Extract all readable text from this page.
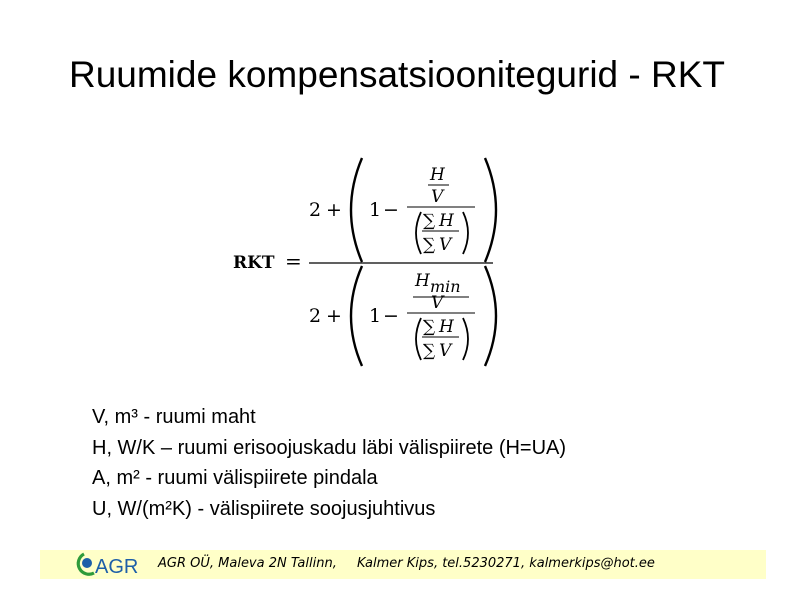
Ruumide kompensatsioonitegurid - RKT
RKT =
2 + 1 −
H
V
∑ H
∑ V
2 + 1 −
H min
V
∑ H
∑ V
V, m³ - ruumi maht
H, W/K – ruumi erisoojuskadu läbi välispiirete (H=UA)
A, m² - ruumi välispiirete pindala
U, W/(m²K) - välispiirete soojusjuhtivus
AGR AGR OÜ, Maleva 2N Tallinn, Kalmer Kips, tel.5230271, kalmerkips@hot.ee
